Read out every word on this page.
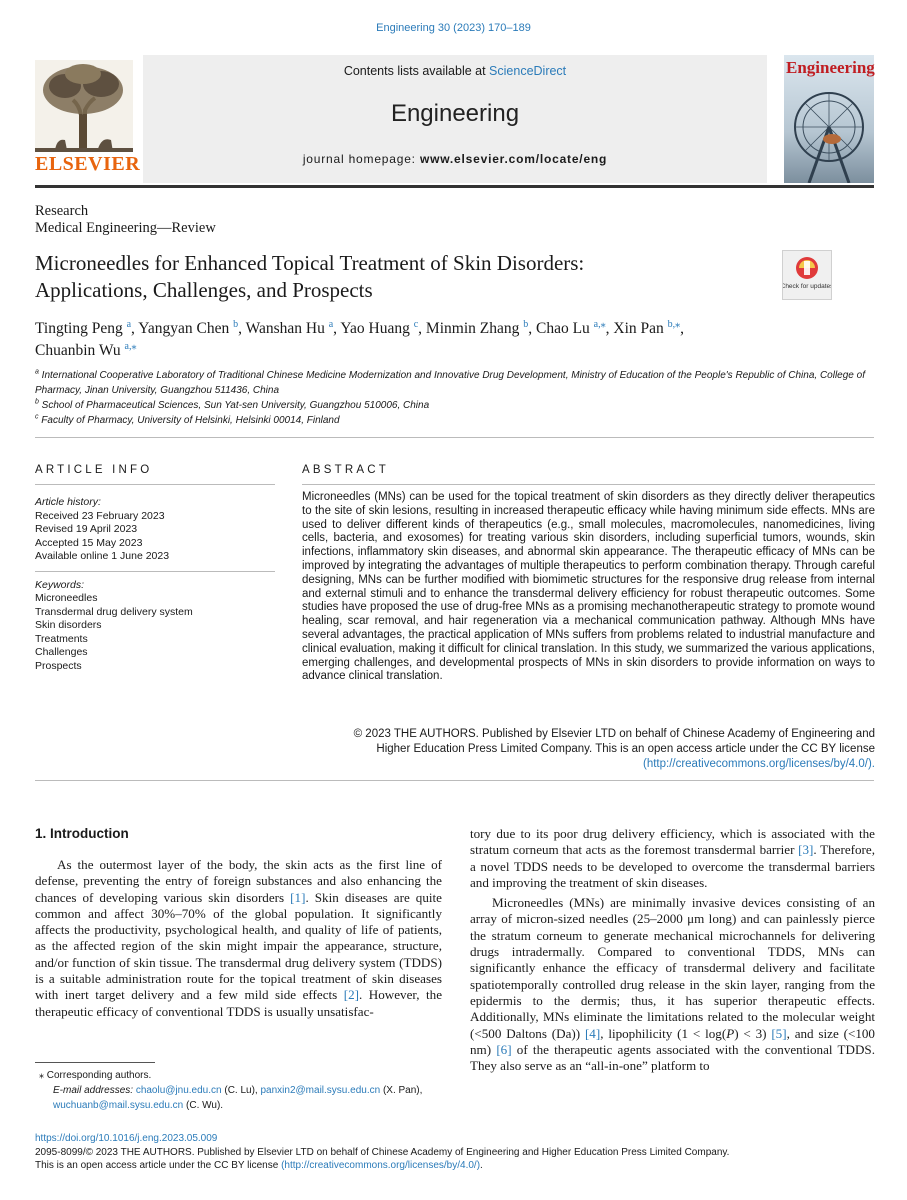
Engineering 30 (2023) 170–189
ELSEVIER
Contents lists available at ScienceDirect
Engineering
journal homepage: www.elsevier.com/locate/eng
Engineering
Research
Medical Engineering—Review
Microneedles for Enhanced Topical Treatment of Skin Disorders:
Applications, Challenges, and Prospects	Check for updates
Tingting Peng $^a$, Yangyan Chen $^b$, Wanshan Hu $^a$, Yao Huang $^c$, Minmin Zhang $^b$, Chao Lu $^{a,⁎}$, Xin Pan $^{b,⁎}$,
Chuanbin Wu $^{a,⁎}$
$^a$ International Cooperative Laboratory of Traditional Chinese Medicine Modernization and Innovative Drug Development, Ministry of Education of the People's Republic of China, College of Pharmacy, Jinan University, Guangzhou 511436, China
$^b$ School of Pharmaceutical Sciences, Sun Yat-sen University, Guangzhou 510006, China
$^c$ Faculty of Pharmacy, University of Helsinki, Helsinki 00014, Finland
ARTICLE INFO
Article history:
Received 23 February 2023
Revised 19 April 2023
Accepted 15 May 2023
Available online 1 June 2023
Keywords:
Microneedles
Transdermal drug delivery system
Skin disorders
Treatments
Challenges
Prospects
ABSTRACT
Microneedles (MNs) can be used for the topical treatment of skin disorders as they directly deliver therapeutics to the site of skin lesions, resulting in increased therapeutic efficacy while having minimum side effects. MNs are used to deliver different kinds of therapeutics (e.g., small molecules, macromolecules, nanomedicines, living cells, bacteria, and exosomes) for treating various skin disorders, including superficial tumors, wounds, skin infections, inflammatory skin diseases, and abnormal skin appearance. The therapeutic efficacy of MNs can be improved by integrating the advantages of multiple therapeutics to perform combination therapy. Through careful designing, MNs can be further modified with biomimetic structures for the responsive drug release from internal and external stimuli and to enhance the transdermal delivery efficiency for robust therapeutic outcomes. Some studies have proposed the use of drug-free MNs as a promising mechanotherapeutic strategy to promote wound healing, scar removal, and hair regeneration via a mechanical communication pathway. Although MNs have several advantages, the practical application of MNs suffers from problems related to industrial manufacture and clinical evaluation, making it difficult for clinical translation. In this study, we summarized the various applications, emerging challenges, and developmental prospects of MNs in skin disorders to provide information on ways to advance clinical translation.
© 2023 THE AUTHORS. Published by Elsevier LTD on behalf of Chinese Academy of Engineering and
Higher Education Press Limited Company. This is an open access article under the CC BY license
(http://creativecommons.org/licenses/by/4.0/).
1. Introduction

As the outermost layer of the body, the skin acts as the first line of defense, preventing the entry of foreign substances and also enhancing the chances of developing various skin disorders [1]. Skin diseases are quite common and affect 30%–70% of the global population. It significantly affects the productivity, psychological health, and quality of life of patients, as the affected region of the skin might impair the appearance, structure, and/or function of skin tissue. The transdermal drug delivery system (TDDS) is a suitable administration route for the topical treatment of skin diseases with inert target delivery and a few mild side effects [2]. However, the therapeutic efficacy of conventional TDDS is usually unsatisfac-

tory due to its poor drug delivery efficiency, which is associated with the stratum corneum that acts as the foremost transdermal barrier [3]. Therefore, a novel TDDS needs to be developed to overcome the transdermal barriers and improving the treatment of skin diseases.

Microneedles (MNs) are minimally invasive devices consisting of an array of micron-sized needles (25–2000 μm long) and can painlessly pierce the stratum corneum to generate mechanical microchannels for delivering drugs intradermally. Compared to conventional TDDS, MNs can significantly enhance the efficacy of transdermal delivery and facilitate spatiotemporally controlled drug release in the skin layer, ranging from the epidermis to the dermis; thus, it has superior therapeutic effects. Additionally, MNs eliminate the limitations related to the molecular weight (<500 Daltons (Da)) [4], lipophilicity (1 < log(P) < 3) [5], and size (<100 nm) [6] of the therapeutic agents associated with the conventional TDDS. They also serve as an “all-in-one” platform to

⁎ Corresponding authors.
E-mail addresses: chaolu@jnu.edu.cn (C. Lu), panxin2@mail.sysu.edu.cn (X. Pan),
wuchuanb@mail.sysu.edu.cn (C. Wu).
https://doi.org/10.1016/j.eng.2023.05.009
2095-8099/© 2023 THE AUTHORS. Published by Elsevier LTD on behalf of Chinese Academy of Engineering and Higher Education Press Limited Company.
This is an open access article under the CC BY license (http://creativecommons.org/licenses/by/4.0/).
